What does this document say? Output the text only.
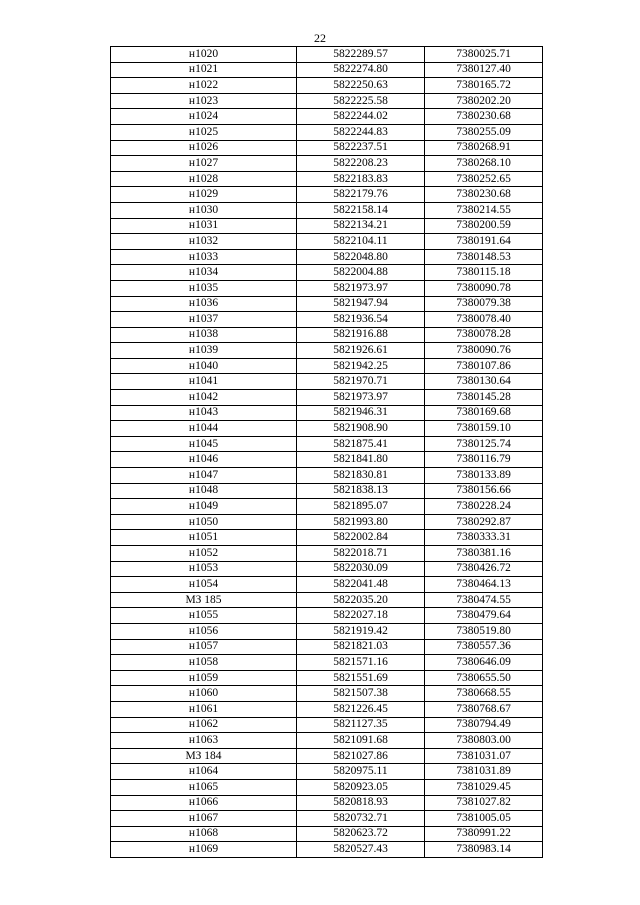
22
н1020	5822289.57	7380025.71
н1021	5822274.80	7380127.40
н1022	5822250.63	7380165.72
н1023	5822225.58	7380202.20
н1024	5822244.02	7380230.68
н1025	5822244.83	7380255.09
н1026	5822237.51	7380268.91
н1027	5822208.23	7380268.10
н1028	5822183.83	7380252.65
н1029	5822179.76	7380230.68
н1030	5822158.14	7380214.55
н1031	5822134.21	7380200.59
н1032	5822104.11	7380191.64
н1033	5822048.80	7380148.53
н1034	5822004.88	7380115.18
н1035	5821973.97	7380090.78
н1036	5821947.94	7380079.38
н1037	5821936.54	7380078.40
н1038	5821916.88	7380078.28
н1039	5821926.61	7380090.76
н1040	5821942.25	7380107.86
н1041	5821970.71	7380130.64
н1042	5821973.97	7380145.28
н1043	5821946.31	7380169.68
н1044	5821908.90	7380159.10
н1045	5821875.41	7380125.74
н1046	5821841.80	7380116.79
н1047	5821830.81	7380133.89
н1048	5821838.13	7380156.66
н1049	5821895.07	7380228.24
н1050	5821993.80	7380292.87
н1051	5822002.84	7380333.31
н1052	5822018.71	7380381.16
н1053	5822030.09	7380426.72
н1054	5822041.48	7380464.13
МЗ 185	5822035.20	7380474.55
н1055	5822027.18	7380479.64
н1056	5821919.42	7380519.80
н1057	5821821.03	7380557.36
н1058	5821571.16	7380646.09
н1059	5821551.69	7380655.50
н1060	5821507.38	7380668.55
н1061	5821226.45	7380768.67
н1062	5821127.35	7380794.49
н1063	5821091.68	7380803.00
МЗ 184	5821027.86	7381031.07
н1064	5820975.11	7381031.89
н1065	5820923.05	7381029.45
н1066	5820818.93	7381027.82
н1067	5820732.71	7381005.05
н1068	5820623.72	7380991.22
н1069	5820527.43	7380983.14
